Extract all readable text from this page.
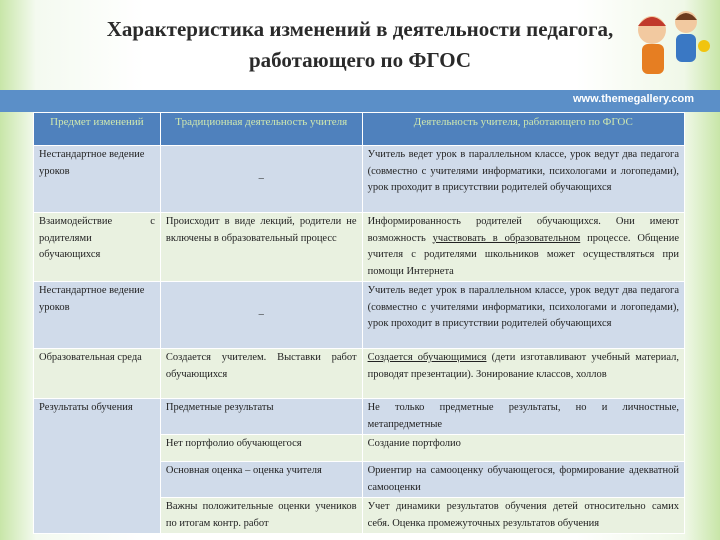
Характеристика изменений в деятельности педагога,
работающего по ФГОС
www.themegallery.com
Предмет изменений	Традиционная деятельность учителя	Деятельность учителя, работающего по ФГОС
Нестандартное ведение уроков	–	Учитель ведет урок в параллельном классе, урок ведут два педагога (совместно с учителями информатики, психологами и логопедами), урок проходит в присутствии родителей обучающихся
Взаимодействие с родителями обучающихся	Происходит в виде лекций, родители не включены в образовательный процесс	Информированность родителей обучающихся. Они имеют возможность участвовать в образовательном процессе. Общение учителя с родителями школьников может осуществляться при помощи Интернета
Нестандартное ведение уроков	–	Учитель ведет урок в параллельном классе, урок ведут два педагога (совместно с учителями информатики, психологами и логопедами), урок проходит в присутствии родителей обучающихся
Образовательная среда	Создается учителем. Выставки работ обучающихся	Создается обучающимися (дети изготавливают учебный материал, проводят презентации). Зонирование классов, холлов
Результаты обучения	Предметные результаты	Не только предметные результаты, но и личностные, метапредметные
	Нет портфолио обучающегося	Создание портфолио
	Основная оценка – оценка учителя	Ориентир на самооценку обучающегося, формирование адекватной самооценки
	Важны положительные оценки учеников по итогам контр. работ	Учет динамики результатов обучения детей относительно самих себя. Оценка промежуточных результатов обучения
